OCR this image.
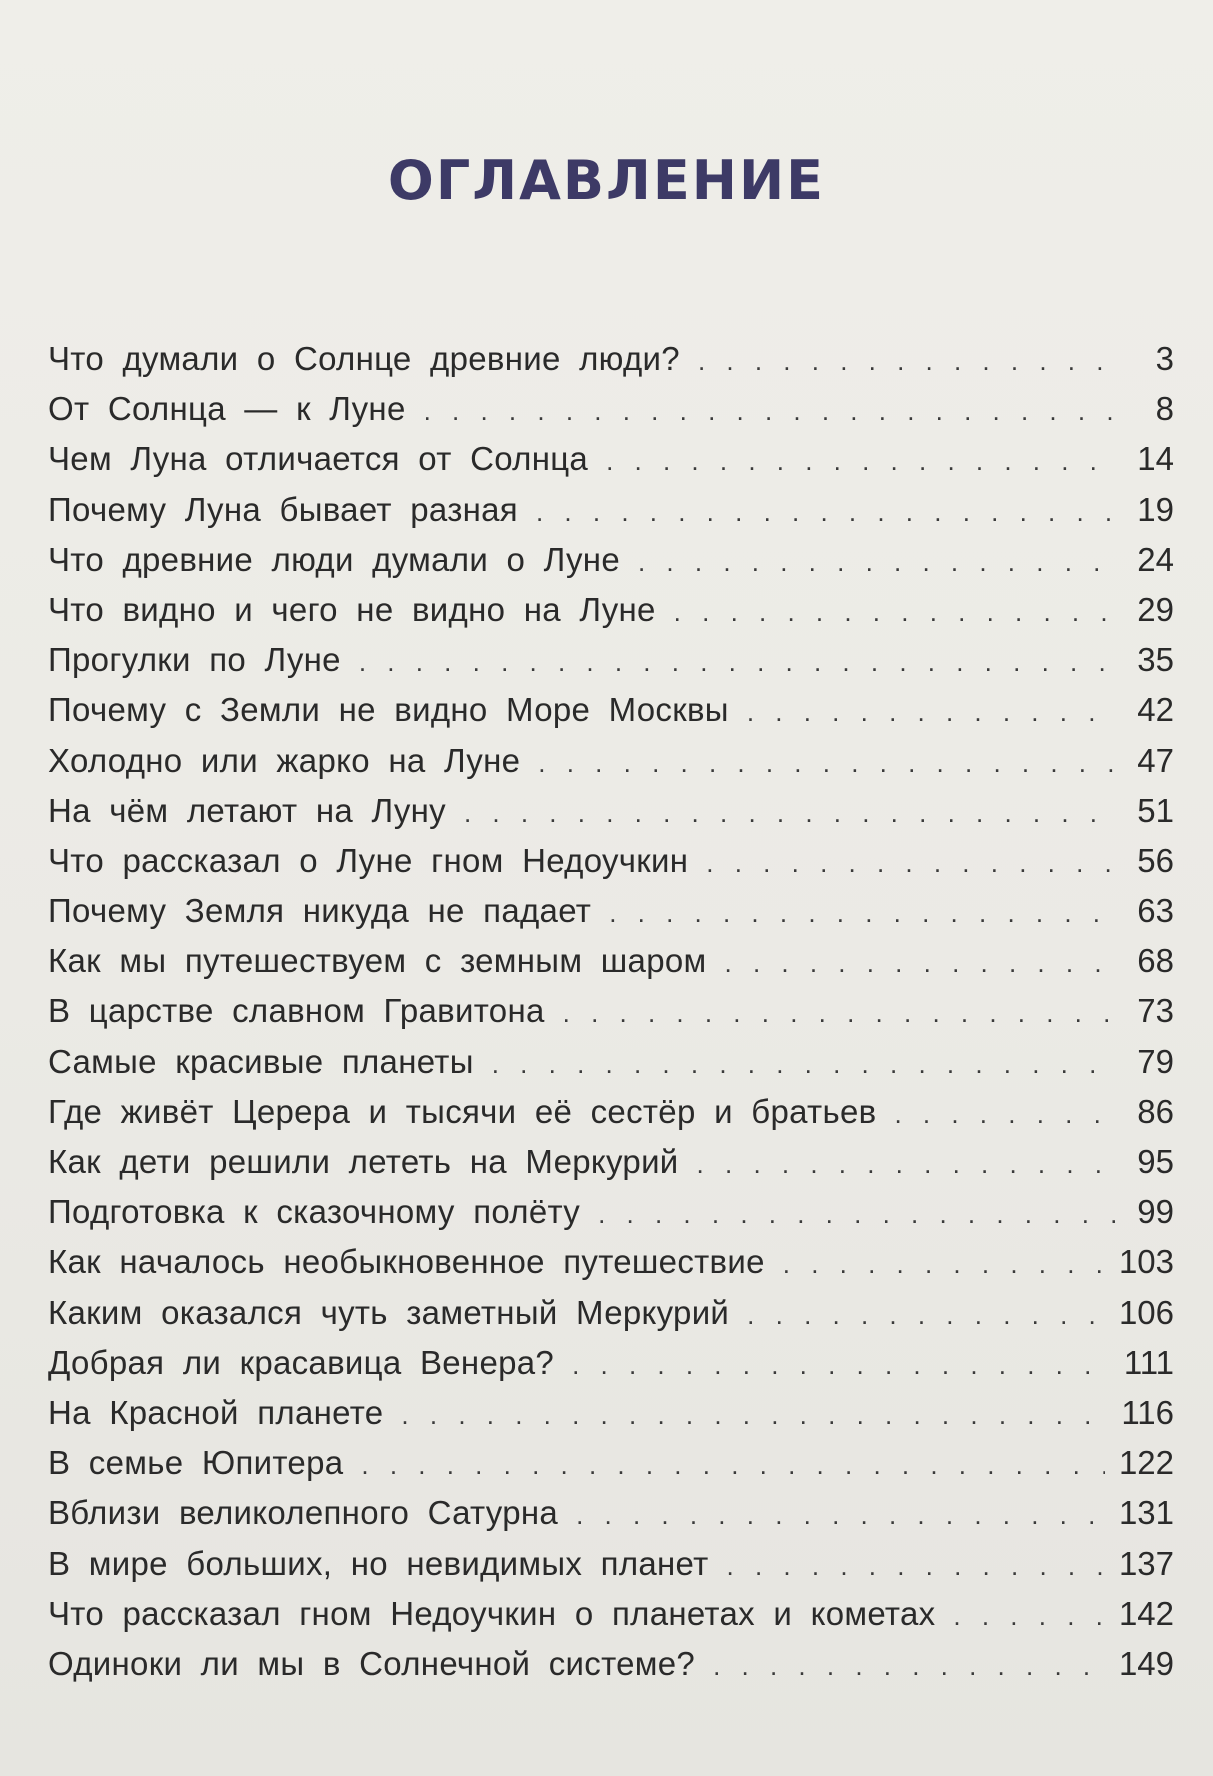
ОГЛАВЛЕНИЕ
Что думали о Солнце древние люди? . . .	3
От Солнца — к Луне . . .	8
Чем Луна отличается от Солнца . . .	14
Почему Луна бывает разная . . .	19
Что древние люди думали о Луне . . .	24
Что видно и чего не видно на Луне . . .	29
Прогулки по Луне . . .	35
Почему с Земли не видно Море Москвы . . .	42
Холодно или жарко на Луне . . .	47
На чём летают на Луну . . .	51
Что рассказал о Луне гном Недоучкин . . .	56
Почему Земля никуда не падает . . .	63
Как мы путешествуем с земным шаром . . .	68
В царстве славном Гравитона . . .	73
Самые красивые планеты . . .	79
Где живёт Церера и тысячи её сестёр и братьев . . .	86
Как дети решили лететь на Меркурий . . .	95
Подготовка к сказочному полёту . . .	99
Как началось необыкновенное путешествие . . .	103
Каким оказался чуть заметный Меркурий . . .	106
Добрая ли красавица Венера? . . .	111
На Красной планете . . .	116
В семье Юпитера . . .	122
Вблизи великолепного Сатурна . . .	131
В мире больших, но невидимых планет . . .	137
Что рассказал гном Недоучкин о планетах и кометах . . .	142
Одиноки ли мы в Солнечной системе? . . .	149
